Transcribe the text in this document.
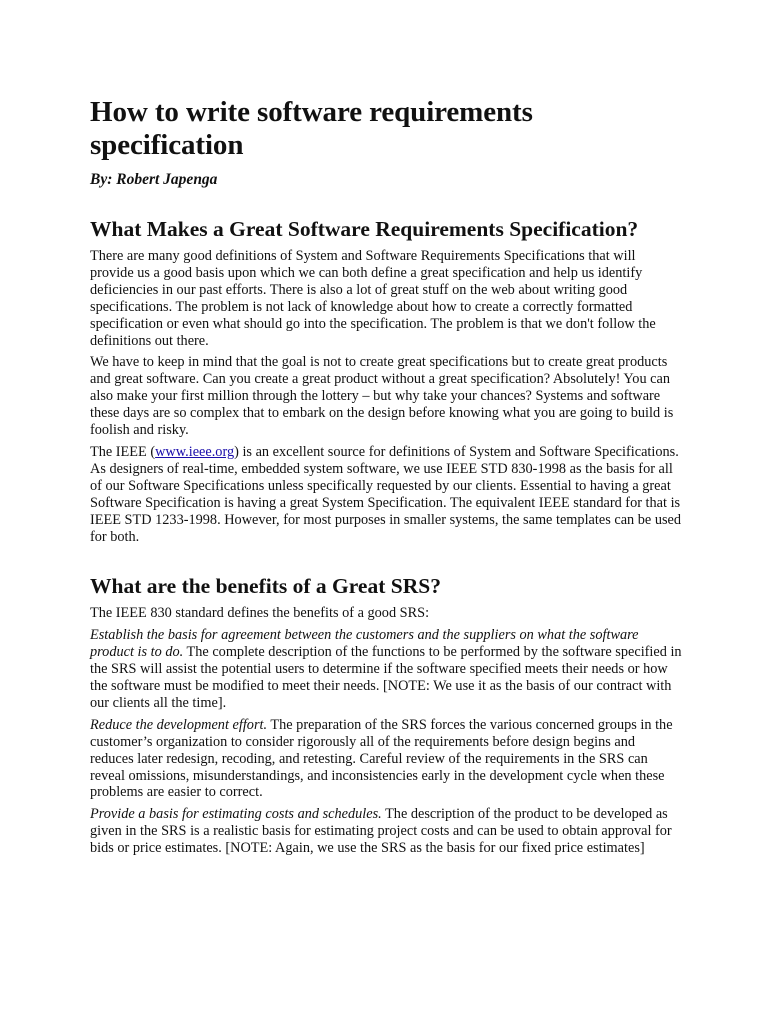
How to write software requirements specification

By: Robert Japenga

What Makes a Great Software Requirements Specification?

There are many good definitions of System and Software Requirements Specifications that will provide us a good basis upon which we can both define a great specification and help us identify deficiencies in our past efforts. There is also a lot of great stuff on the web about writing good specifications. The problem is not lack of knowledge about how to create a correctly formatted specification or even what should go into the specification. The problem is that we don't follow the definitions out there.

We have to keep in mind that the goal is not to create great specifications but to create great products and great software. Can you create a great product without a great specification? Absolutely! You can also make your first million through the lottery – but why take your chances? Systems and software these days are so complex that to embark on the design before knowing what you are going to build is foolish and risky.

The IEEE (www.ieee.org) is an excellent source for definitions of System and Software Specifications. As designers of real-time, embedded system software, we use IEEE STD 830-1998 as the basis for all of our Software Specifications unless specifically requested by our clients. Essential to having a great Software Specification is having a great System Specification. The equivalent IEEE standard for that is IEEE STD 1233-1998. However, for most purposes in smaller systems, the same templates can be used for both.

What are the benefits of a Great SRS?

The IEEE 830 standard defines the benefits of a good SRS:

Establish the basis for agreement between the customers and the suppliers on what the software product is to do. The complete description of the functions to be performed by the software specified in the SRS will assist the potential users to determine if the software specified meets their needs or how the software must be modified to meet their needs. [NOTE: We use it as the basis of our contract with our clients all the time].

Reduce the development effort. The preparation of the SRS forces the various concerned groups in the customer’s organization to consider rigorously all of the requirements before design begins and reduces later redesign, recoding, and retesting. Careful review of the requirements in the SRS can reveal omissions, misunderstandings, and inconsistencies early in the development cycle when these problems are easier to correct.

Provide a basis for estimating costs and schedules. The description of the product to be developed as given in the SRS is a realistic basis for estimating project costs and can be used to obtain approval for bids or price estimates. [NOTE: Again, we use the SRS as the basis for our fixed price estimates]
